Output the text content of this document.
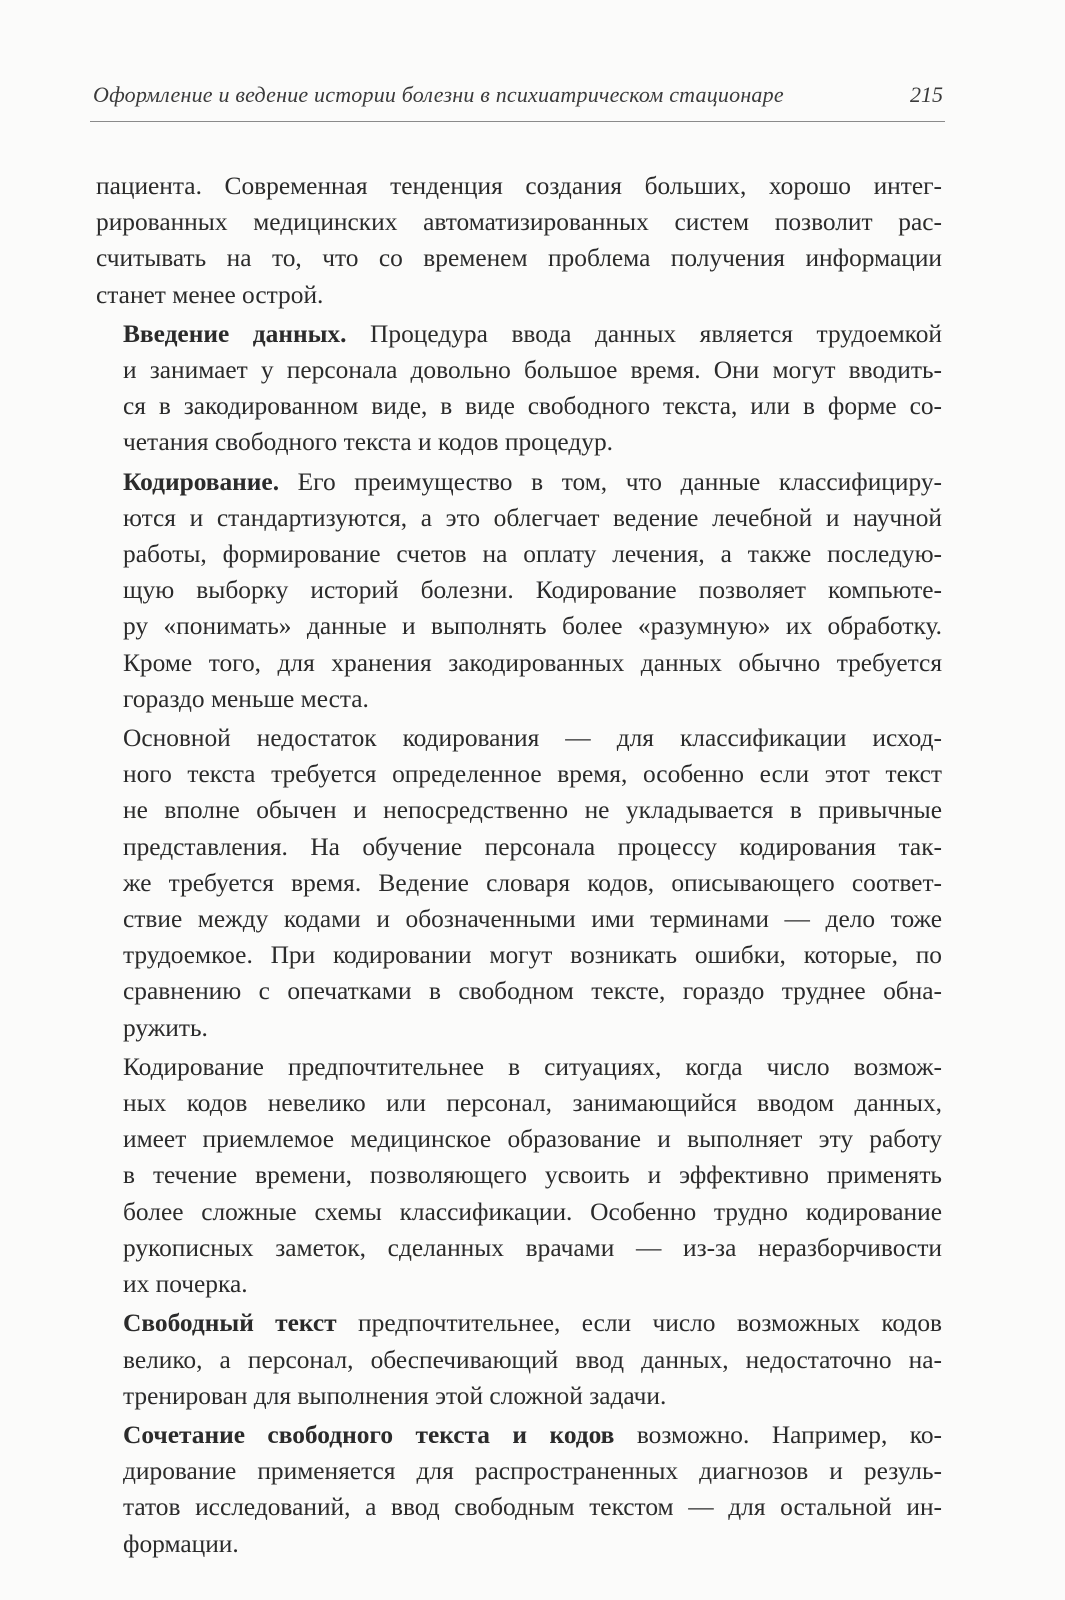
Оформление и ведение истории болезни в психиатрическом стационаре	215

пациента. Современная тенденция создания больших, хорошо интег-
рированных медицинских автоматизированных систем позволит рас-
считывать на то, что со временем проблема получения информации
станет менее острой.

Введение данных. Процедура ввода данных является трудоемкой
и занимает у персонала довольно большое время. Они могут вводить-
ся в закодированном виде, в виде свободного текста, или в форме со-
четания свободного текста и кодов процедур.

Кодирование. Его преимущество в том, что данные классифициру-
ются и стандартизуются, а это облегчает ведение лечебной и научной
работы, формирование счетов на оплату лечения, а также последую-
щую выборку историй болезни. Кодирование позволяет компьюте-
ру «понимать» данные и выполнять более «разумную» их обработку.
Кроме того, для хранения закодированных данных обычно требуется
гораздо меньше места.

Основной недостаток кодирования — для классификации исход-
ного текста требуется определенное время, особенно если этот текст
не вполне обычен и непосредственно не укладывается в привычные
представления. На обучение персонала процессу кодирования так-
же требуется время. Ведение словаря кодов, описывающего соответ-
ствие между кодами и обозначенными ими терминами — дело тоже
трудоемкое. При кодировании могут возникать ошибки, которые, по
сравнению с опечатками в свободном тексте, гораздо труднее обна-
ружить.

Кодирование предпочтительнее в ситуациях, когда число возмож-
ных кодов невелико или персонал, занимающийся вводом данных,
имеет приемлемое медицинское образование и выполняет эту работу
в течение времени, позволяющего усвоить и эффективно применять
более сложные схемы классификации. Особенно трудно кодирование
рукописных заметок, сделанных врачами — из-за неразборчивости
их почерка.

Свободный текст предпочтительнее, если число возможных кодов
велико, а персонал, обеспечивающий ввод данных, недостаточно на-
тренирован для выполнения этой сложной задачи.

Сочетание свободного текста и кодов возможно. Например, ко-
дирование применяется для распространенных диагнозов и резуль-
татов исследований, а ввод свободным текстом — для остальной ин-
формации.
